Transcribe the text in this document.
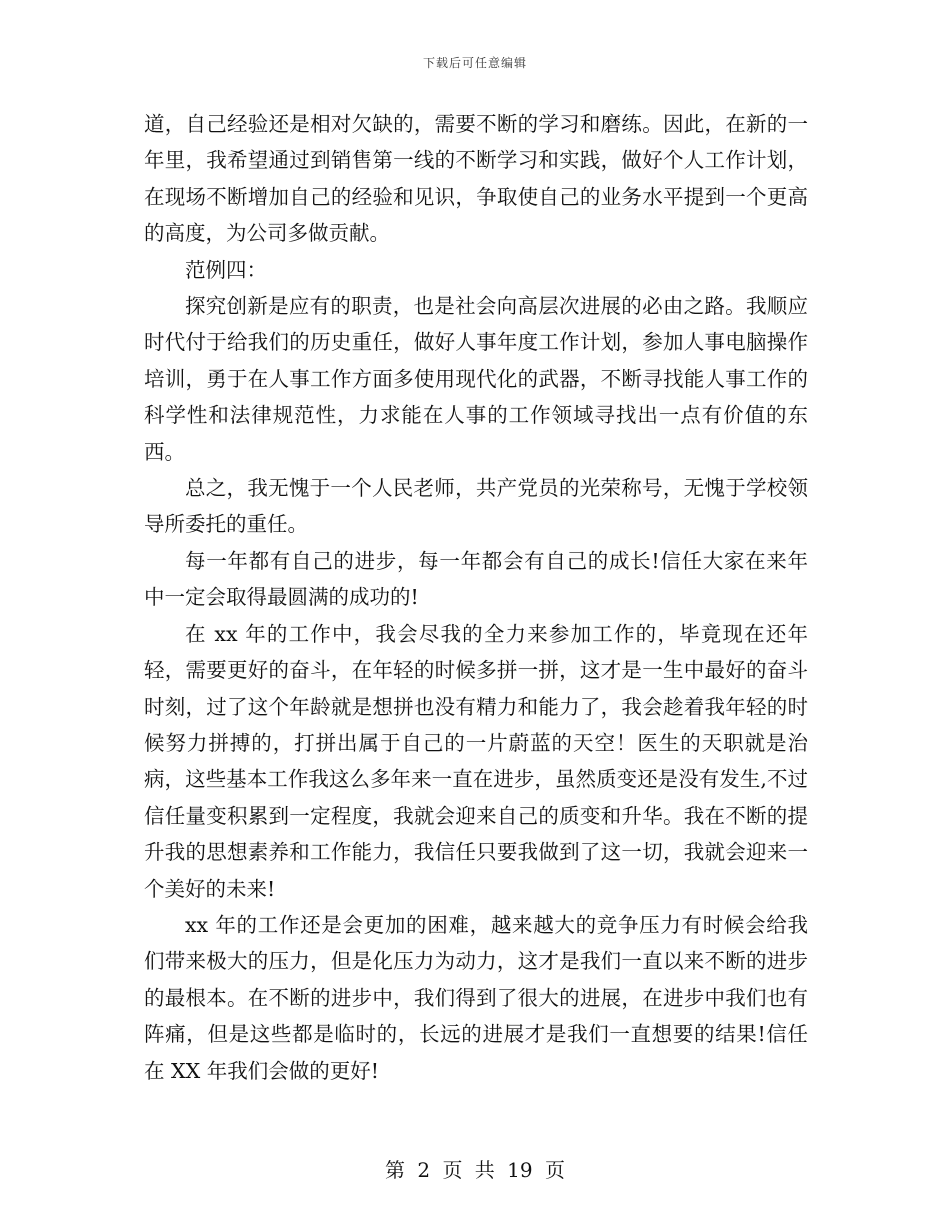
下载后可任意编辑

道，自己经验还是相对欠缺的，需要不断的学习和磨练。因此，在新的一年里，我希望通过到销售第一线的不断学习和实践，做好个人工作计划，在现场不断增加自己的经验和见识，争取使自己的业务水平提到一个更高的高度，为公司多做贡献。

范例四：

探究创新是应有的职责，也是社会向高层次进展的必由之路。我顺应时代付于给我们的历史重任，做好人事年度工作计划，参加人事电脑操作培训，勇于在人事工作方面多使用现代化的武器，不断寻找能人事工作的科学性和法律规范性，力求能在人事的工作领域寻找出一点有价值的东西。

总之，我无愧于一个人民老师，共产党员的光荣称号，无愧于学校领导所委托的重任。

每一年都有自己的进步，每一年都会有自己的成长!信任大家在来年中一定会取得最圆满的成功的!

在 xx 年的工作中，我会尽我的全力来参加工作的，毕竟现在还年轻，需要更好的奋斗，在年轻的时候多拼一拼，这才是一生中最好的奋斗时刻，过了这个年龄就是想拼也没有精力和能力了，我会趁着我年轻的时候努力拼搏的，打拼出属于自己的一片蔚蓝的天空！医生的天职就是治病，这些基本工作我这么多年来一直在进步，虽然质变还是没有发生,不过信任量变积累到一定程度，我就会迎来自己的质变和升华。我在不断的提升我的思想素养和工作能力，我信任只要我做到了这一切，我就会迎来一个美好的未来!

xx 年的工作还是会更加的困难，越来越大的竞争压力有时候会给我们带来极大的压力，但是化压力为动力，这才是我们一直以来不断的进步的最根本。在不断的进步中，我们得到了很大的进展，在进步中我们也有阵痛，但是这些都是临时的，长远的进展才是我们一直想要的结果!信任在 XX 年我们会做的更好!

第 2 页 共 19 页
